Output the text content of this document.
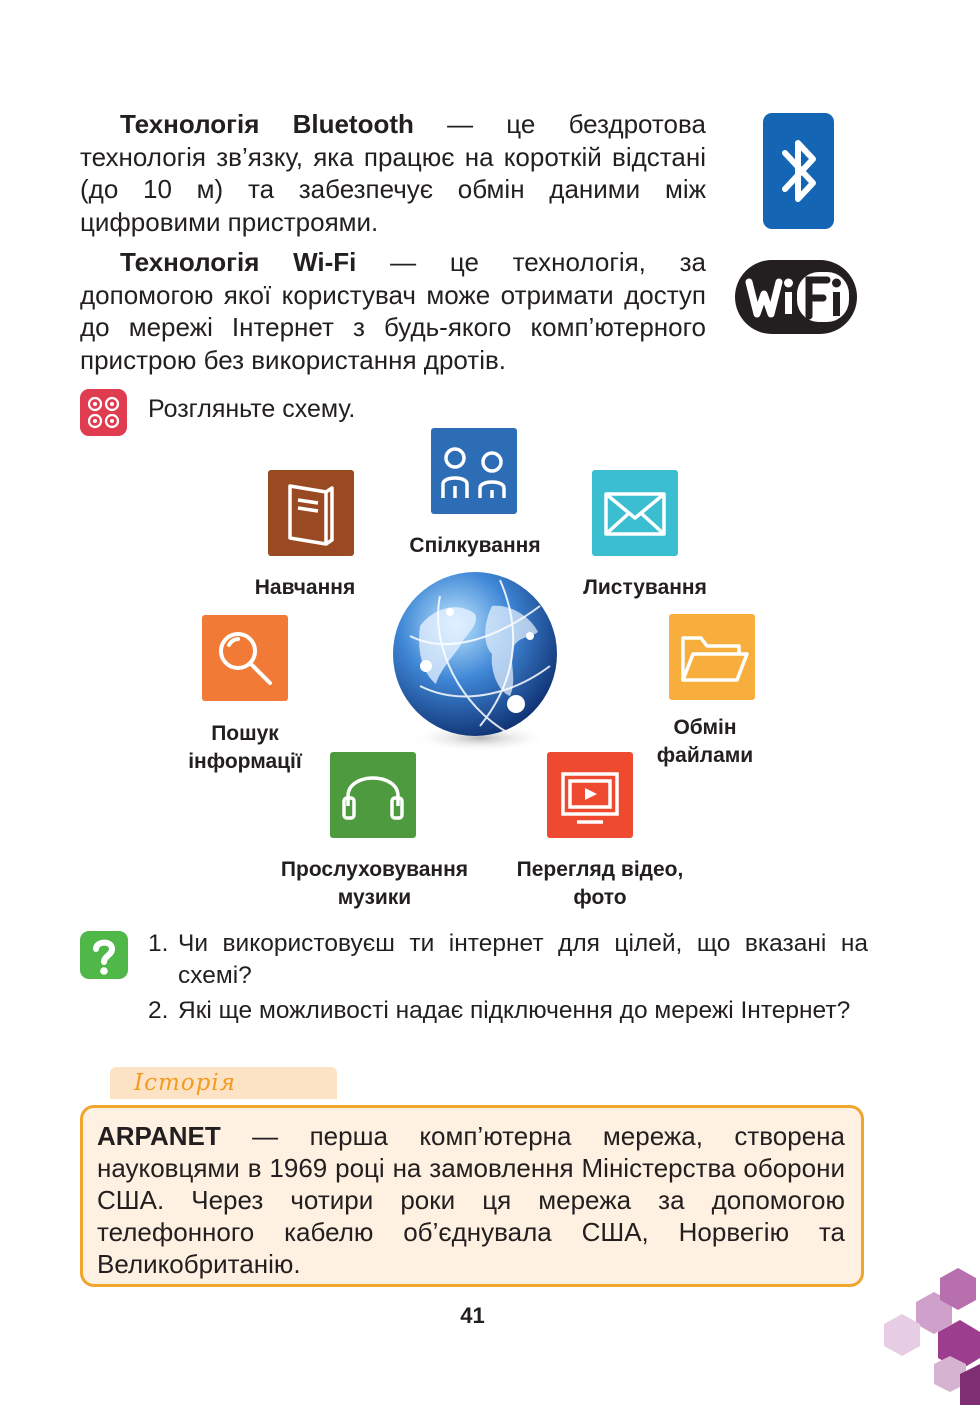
Технологія Bluetooth — це бездротова технологія зв’язку, яка працює на короткій відстані (до 10 м) та забезпечує обмін даними між цифровими пристроями.

Технологія Wi-Fi — це технологія, за допомогою якої користувач може отримати доступ до мережі Інтернет з будь-якого комп’ютерного пристрою без використання дротів.

Розгляньте схему.
Спілкування
Листування
Обмін файлами
Перегляд відео, фото
Прослуховування музики
Пошук інформації
Навчання
1. Чи використовуєш ти інтернет для цілей, що вказані на схемі?
2. Які ще можливості надає підключення до мережі Інтернет?
Історія

ARPANET — перша комп’ютерна мережа, створена науковцями в 1969 році на замовлення Міністерства оборони США. Через чотири роки ця мережа за допомогою телефонного кабелю об’єднувала США, Норвегію та Великобританію.

41
